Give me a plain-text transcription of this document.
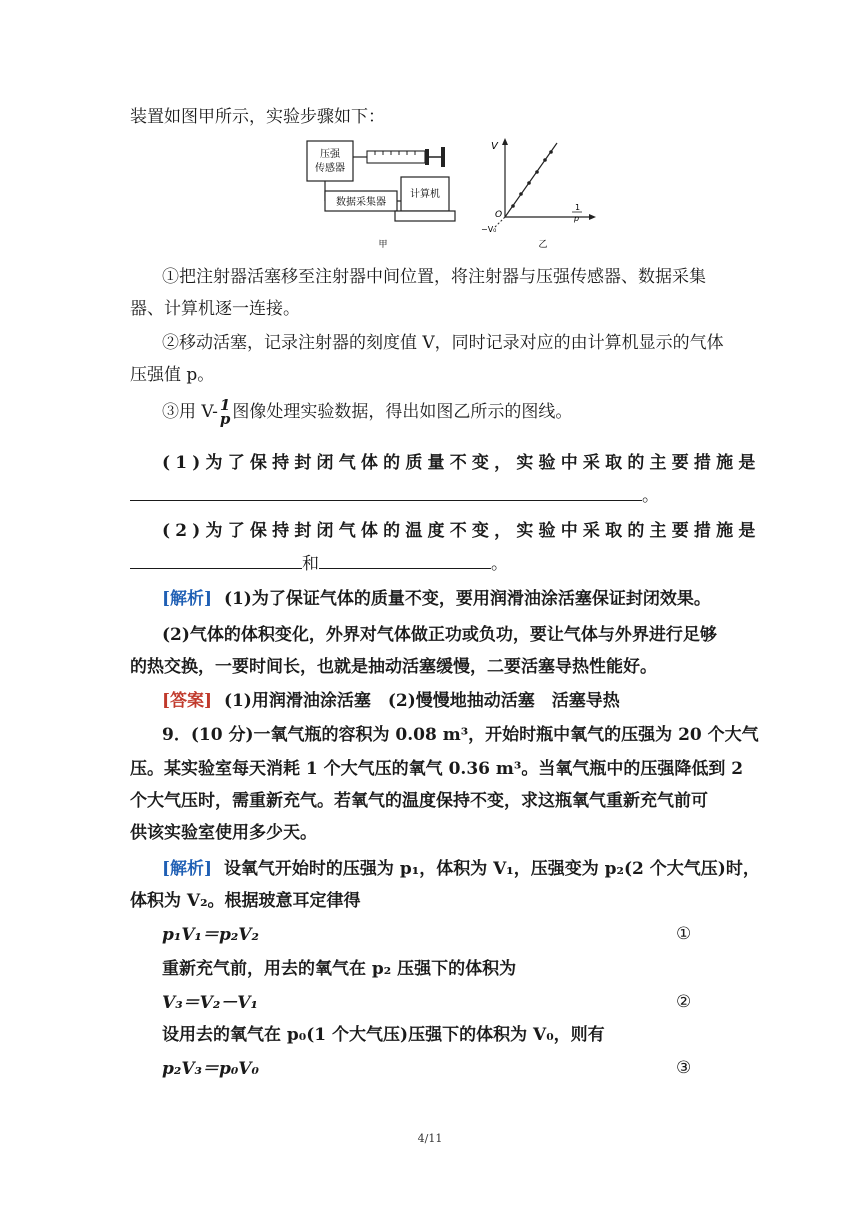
装置如图甲所示，实验步骤如下：
压强
传感器
数据采集器
计算机
甲
V
O
−V₀
1
p
乙
①把注射器活塞移至注射器中间位置，将注射器与压强传感器、数据采集
器、计算机逐一连接。
②移动活塞，记录注射器的刻度值 V，同时记录对应的由计算机显示的气体
压强值 p。
③用 V- 1
p 图像处理实验数据，得出如图乙所示的图线。
(1)为了保持封闭气体的质量不变，实验中采取的主要措施是
。
(2)为了保持封闭气体的温度不变，实验中采取的主要措施是
和	。
[解析] (1)为了保证气体的质量不变，要用润滑油涂活塞保证封闭效果。
(2)气体的体积变化，外界对气体做正功或负功，要让气体与外界进行足够
的热交换，一要时间长，也就是抽动活塞缓慢，二要活塞导热性能好。
[答案] (1)用润滑油涂活塞　(2)慢慢地抽动活塞　活塞导热
9．(10 分)一氧气瓶的容积为 0.08 m³，开始时瓶中氧气的压强为 20 个大气
压。某实验室每天消耗 1 个大气压的氧气 0.36 m³。当氧气瓶中的压强降低到 2
个大气压时，需重新充气。若氧气的温度保持不变，求这瓶氧气重新充气前可
供该实验室使用多少天。
[解析] 设氧气开始时的压强为 p₁，体积为 V₁，压强变为 p₂(2 个大气压)时，
体积为 V₂。根据玻意耳定律得
p₁V₁＝p₂V₂	①
重新充气前，用去的氧气在 p₂ 压强下的体积为
V₃＝V₂－V₁	②
设用去的氧气在 p₀(1 个大气压)压强下的体积为 V₀，则有
p₂V₃＝p₀V₀	③
4/11
